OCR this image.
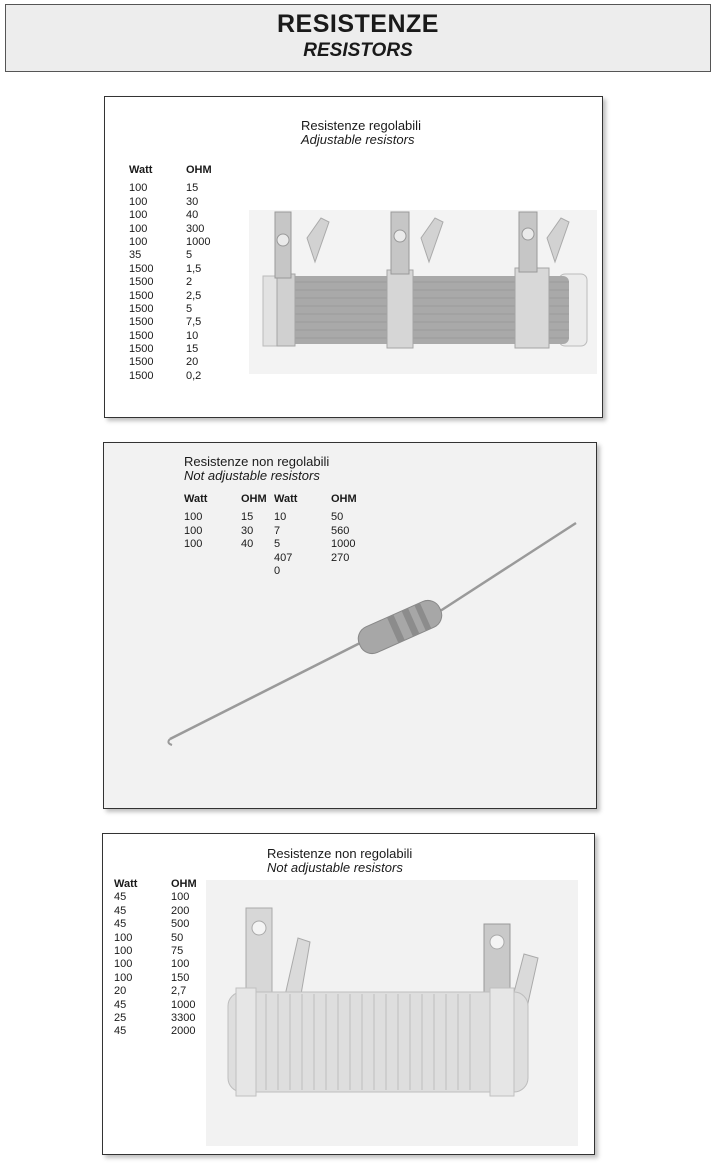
RESISTENZE
RESISTORS
Resistenze regolabili
Adjustable resistors
Watt	OHM
100	15
100	30
100	40
100	300
100	1000
35	5
1500	1,5
1500	2
1500	2,5
1500	5
1500	7,5
1500	10
1500	15
1500	20
1500	0,2
Resistenze non regolabili
Not adjustable resistors
Watt	OHM
100	15
100	30
100	40
Watt	OHM
10	50
7	560
5	1000
407	270
0
Resistenze non regolabili
Not adjustable resistors
Watt	OHM
45	100
45	200
45	500
100	50
100	75
100	100
100	150
20	2,7
45	1000
25	3300
45	2000
